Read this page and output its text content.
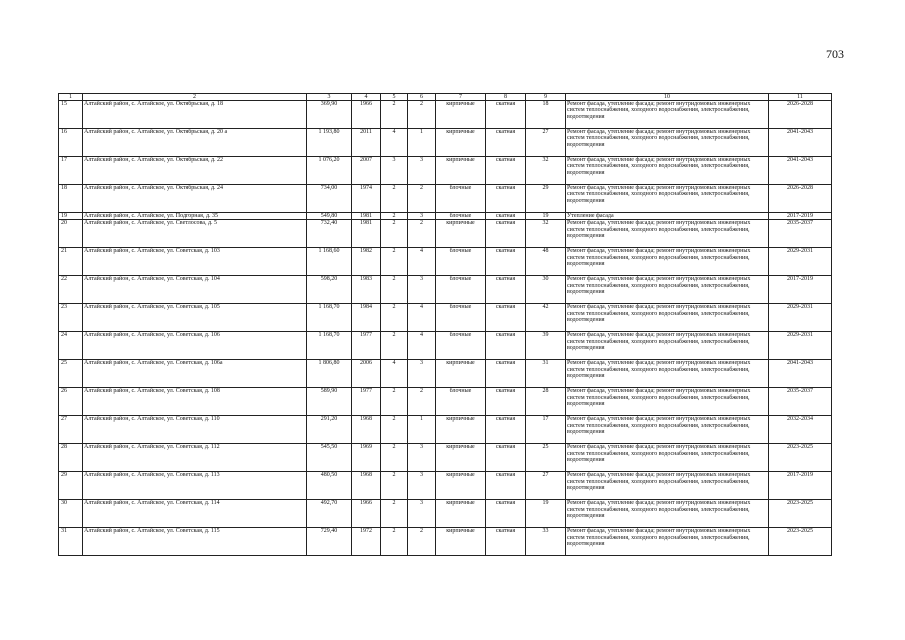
703
1	2	3	4	5	6	7	8	9	10	11
15	Алтайский район, с. Алтайское, ул. Октябрьская, д. 18	369,90	1966	2	2	кирпичные	скатная	18	Ремонт фасада, утепление фасада; ремонт внутридомовых инженерных систем теплоснабжения, холодного водоснабжения, электроснабжения, водоотведения	2026-2028
16	Алтайский район, с. Алтайское, ул. Октябрьская, д. 20 а	1 193,80	2011	4	1	кирпичные	скатная	27	Ремонт фасада, утепление фасада; ремонт внутридомовых инженерных систем теплоснабжения, холодного водоснабжения, электроснабжения, водоотведения	2041-2043
17	Алтайский район, с. Алтайское, ул. Октябрьская, д. 22	1 076,20	2007	3	3	кирпичные	скатная	32	Ремонт фасада, утепление фасада; ремонт внутридомовых инженерных систем теплоснабжения, холодного водоснабжения, электроснабжения, водоотведения	2041-2043
18	Алтайский район, с. Алтайское, ул. Октябрьская, д. 24	734,00	1974	2	2	блочные	скатная	29	Ремонт фасада, утепление фасада; ремонт внутридомовых инженерных систем теплоснабжения, холодного водоснабжения, электроснабжения, водоотведения	2026-2028
19	Алтайский район, с. Алтайское, ул. Подгорная, д. 35	549,80	1981	2	3	блочные	скатная	19	Утепление фасада	2017-2019
20	Алтайский район, с. Алтайское, ул. Светлосова, д. 5	732,40	1981	2	2	кирпичные	скатная	32	Ремонт фасада, утепление фасада; ремонт внутридомовых инженерных систем теплоснабжения, холодного водоснабжения, электроснабжения, водоотведения	2035-2037
21	Алтайский район, с. Алтайское, ул. Советская, д. 103	1 168,60	1982	2	4	блочные	скатная	48	Ремонт фасада, утепление фасада; ремонт внутридомовых инженерных систем теплоснабжения, холодного водоснабжения, электроснабжения, водоотведения	2029-2031
22	Алтайский район, с. Алтайское, ул. Советская, д. 104	598,20	1983	2	3	блочные	скатная	30	Ремонт фасада, утепление фасада; ремонт внутридомовых инженерных систем теплоснабжения, холодного водоснабжения, электроснабжения, водоотведения	2017-2019
23	Алтайский район, с. Алтайское, ул. Советская, д. 105	1 168,70	1984	2	4	блочные	скатная	42	Ремонт фасада, утепление фасада; ремонт внутридомовых инженерных систем теплоснабжения, холодного водоснабжения, электроснабжения, водоотведения	2029-2031
24	Алтайский район, с. Алтайское, ул. Советская, д. 106	1 168,70	1977	2	4	блочные	скатная	39	Ремонт фасада, утепление фасада; ремонт внутридомовых инженерных систем теплоснабжения, холодного водоснабжения, электроснабжения, водоотведения	2029-2031
25	Алтайский район, с. Алтайское, ул. Советская, д. 106а	1 806,80	2006	4	3	кирпичные	скатная	31	Ремонт фасада, утепление фасада; ремонт внутридомовых инженерных систем теплоснабжения, холодного водоснабжения, электроснабжения, водоотведения	2041-2043
26	Алтайский район, с. Алтайское, ул. Советская, д. 108	589,90	1977	2	2	блочные	скатная	28	Ремонт фасада, утепление фасада; ремонт внутридомовых инженерных систем теплоснабжения, холодного водоснабжения, электроснабжения, водоотведения	2035-2037
27	Алтайский район, с. Алтайское, ул. Советская, д. 110	291,20	1968	2	1	кирпичные	скатная	17	Ремонт фасада, утепление фасада; ремонт внутридомовых инженерных систем теплоснабжения, холодного водоснабжения, электроснабжения, водоотведения	2032-2034
28	Алтайский район, с. Алтайское, ул. Советская, д. 112	545,50	1969	2	3	кирпичные	скатная	25	Ремонт фасада, утепление фасада; ремонт внутридомовых инженерных систем теплоснабжения, холодного водоснабжения, электроснабжения, водоотведения	2023-2025
29	Алтайский район, с. Алтайское, ул. Советская, д. 113	480,50	1968	2	3	кирпичные	скатная	27	Ремонт фасада, утепление фасада; ремонт внутридомовых инженерных систем теплоснабжения, холодного водоснабжения, электроснабжения, водоотведения	2017-2019
30	Алтайский район, с. Алтайское, ул. Советская, д. 114	492,70	1966	2	3	кирпичные	скатная	19	Ремонт фасада, утепление фасада; ремонт внутридомовых инженерных систем теплоснабжения, холодного водоснабжения, электроснабжения, водоотведения	2023-2025
31	Алтайский район, с. Алтайское, ул. Советская, д. 115	729,40	1972	2	2	кирпичные	скатная	33	Ремонт фасада, утепление фасада; ремонт внутридомовых инженерных систем теплоснабжения, холодного водоснабжения, электроснабжения, водоотведения	2023-2025
